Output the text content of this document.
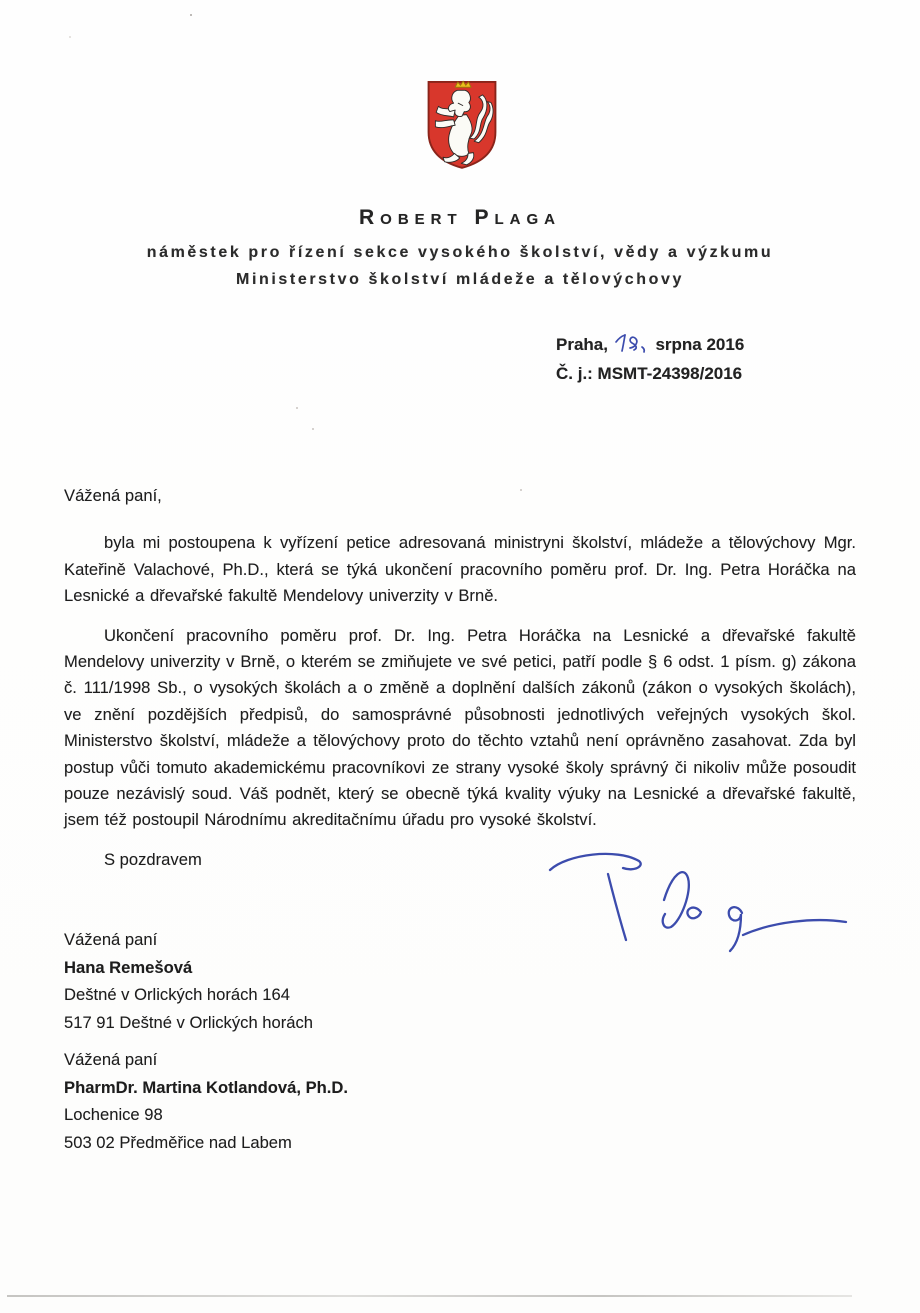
Robert Plaga
náměstek pro řízení sekce vysokého školství, vědy a výzkumu
Ministerstvo školství mládeže a tělovýchovy
Praha,	srpna 2016
Č. j.: MSMT-24398/2016

Vážená paní,

byla mi postoupena k vyřízení petice adresovaná ministryni školství, mládeže a tělovýchovy Mgr. Kateřině Valachové, Ph.D., která se týká ukončení pracovního poměru prof. Dr. Ing. Petra Horáčka na Lesnické a dřevařské fakultě Mendelovy univerzity v Brně.

Ukončení pracovního poměru prof. Dr. Ing. Petra Horáčka na Lesnické a dřevařské fakultě Mendelovy univerzity v Brně, o kterém se zmiňujete ve své petici, patří podle § 6 odst. 1 písm. g) zákona č. 111/1998 Sb., o vysokých školách a o změně a doplnění dalších zákonů (zákon o vysokých školách), ve znění pozdějších předpisů, do samosprávné působnosti jednotlivých veřejných vysokých škol. Ministerstvo školství, mládeže a tělovýchovy proto do těchto vztahů není oprávněno zasahovat. Zda byl postup vůči tomuto akademickému pracovníkovi ze strany vysoké školy správný či nikoliv může posoudit pouze nezávislý soud. Váš podnět, který se obecně týká kvality výuky na Lesnické a dřevařské fakultě, jsem též postoupil Národnímu akreditačnímu úřadu pro vysoké školství.

S pozdravem

Vážená paní
Hana Remešová
Deštné v Orlických horách 164
517 91 Deštné v Orlických horách
Vážená paní
PharmDr. Martina Kotlandová, Ph.D.
Lochenice 98
503 02 Předměřice nad Labem
